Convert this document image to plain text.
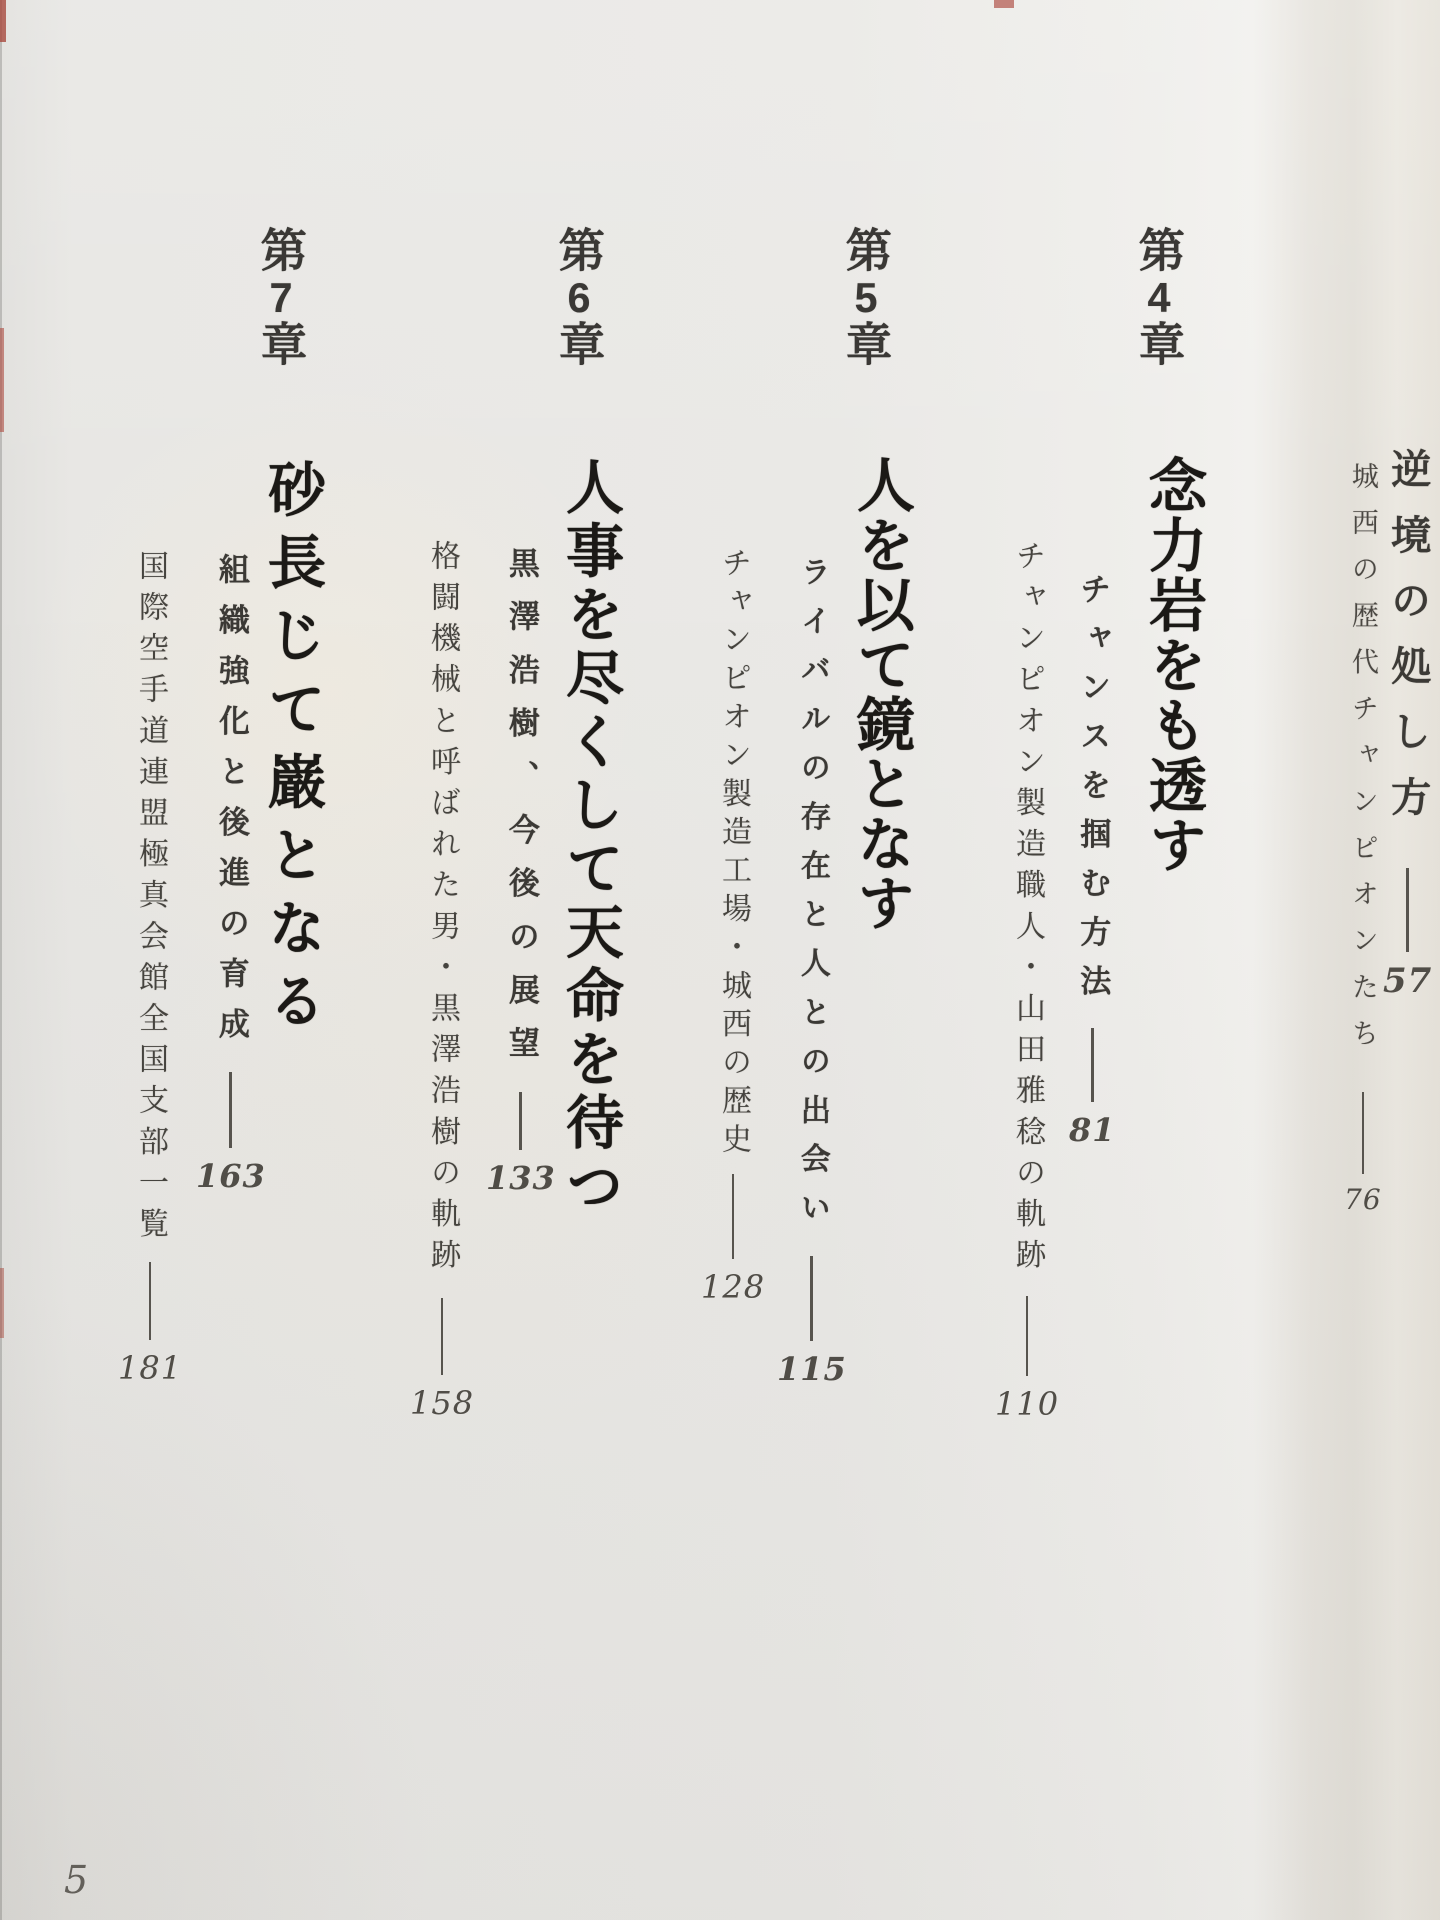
逆境の処し方57
城西の歴代チャンピオンたち76
第4章
念力岩をも透す
チャンスを掴む方法81
チャンピオン製造職人・山田雅稔の軌跡110
第5章
人を以て鏡となす
ライバルの存在と人との出会い115
チャンピオン製造工場・城西の歴史128
第6章
人事を尽くして天命を待つ
黒澤浩樹、今後の展望133
格闘機械と呼ばれた男・黒澤浩樹の軌跡158
第7章
砂長じて巌となる
組織強化と後進の育成163
国際空手道連盟極真会館全国支部一覧181
5
